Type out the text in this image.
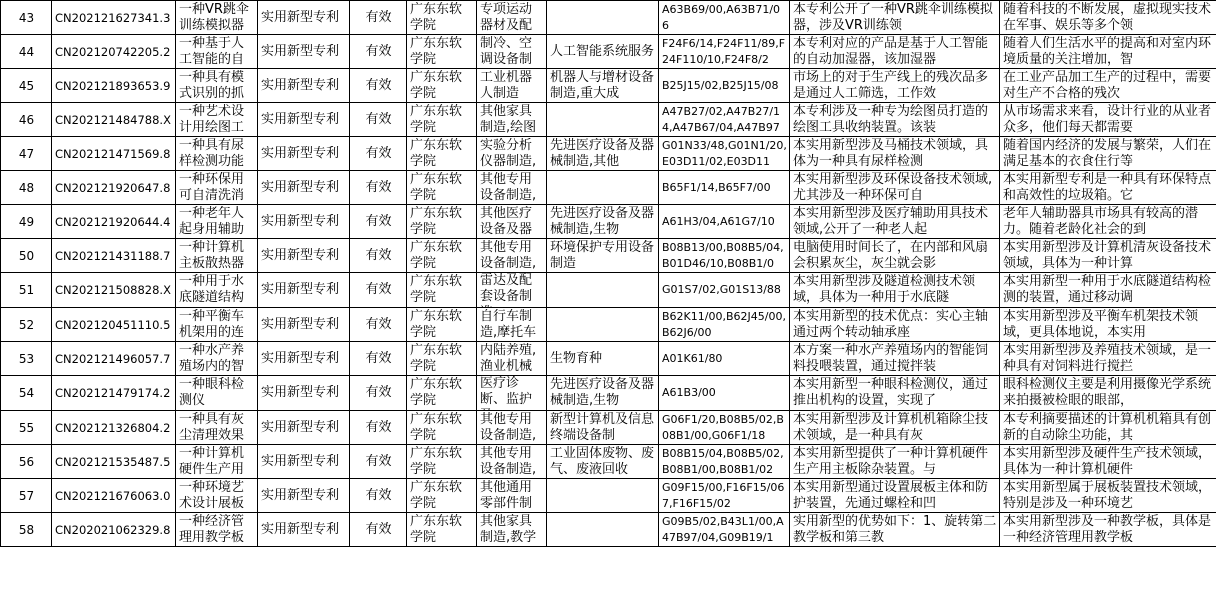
43	CN202121627341.3	一种VR跳伞训练模拟器	实用新型专利	有效	广东东软学院	专项运动器材及配		A63B69/00,A63B71/06	本专利公开了一种VR跳伞训练模拟器，涉及VR训练领	随着科技的不断发展，虚拟现实技术在军事、娱乐等多个领

44	CN202120742205.2	一种基于人工智能的自	实用新型专利	有效	广东东软学院	制冷、空调设备制	人工智能系统服务	F24F6/14,F24F11/89,F24F110/10,F24F8/2	本专利对应的产品是基于人工智能的自动加湿器，该加湿器	随着人们生活水平的提高和对室内环境质量的关注增加，智

45	CN202121893653.9	一种具有模式识别的抓	实用新型专利	有效	广东东软学院	工业机器人制造	机器人与增材设备制造,重大成	B25J15/02,B25J15/08	市场上的对于生产线上的残次品多是通过人工筛选，工作效	在工业产品加工生产的过程中，需要对生产不合格的残次

46	CN202121484788.X	一种艺术设计用绘图工	实用新型专利	有效	广东东软学院	其他家具制造,绘图		A47B27/02,A47B27/14,A47B67/04,A47B97	本专利涉及一种专为绘图员打造的绘图工具收纳装置。该装	从市场需求来看，设计行业的从业者众多，他们每天都需要

47	CN202121471569.8	一种具有尿样检测功能	实用新型专利	有效	广东东软学院	实验分析仪器制造,	先进医疗设备及器械制造,其他	G01N33/48,G01N1/20,E03D11/02,E03D11	本实用新型涉及马桶技术领域，具体为一种具有尿样检测	随着国内经济的发展与繁荣，人们在满足基本的衣食住行等

48	CN202121920647.8	一种环保用可自清洗消	实用新型专利	有效	广东东软学院	其他专用设备制造,		B65F1/14,B65F7/00	本实用新型涉及环保设备技术领域,尤其涉及一种环保可自	本实用新型专利是一种具有环保特点和高效性的垃圾箱。它

49	CN202121920644.4	一种老年人起身用辅助	实用新型专利	有效	广东东软学院	其他医疗设备及器	先进医疗设备及器械制造,生物	A61H3/04,A61G7/10	本实用新型涉及医疗辅助用具技术领域,公开了一种老人起	老年人辅助器具市场具有较高的潜力。随着老龄化社会的到

50	CN202121431188.7	一种计算机主板散热器	实用新型专利	有效	广东东软学院	其他专用设备制造,	环境保护专用设备制造	B08B13/00,B08B5/04,B01D46/10,B08B1/0	电脑使用时间长了，在内部和风扇会积累灰尘，灰尘就会影	本实用新型涉及计算机清灰设备技术领域，具体为一种计算

51	CN202121508828.X	一种用于水底隧道结构	实用新型专利	有效	广东东软学院	雷达及配套设备制		G01S7/02,G01S13/88	本实用新型涉及隧道检测技术领域，具体为一种用于水底隧	本实用新型一种用于水底隧道结构检测的装置，通过移动调

52	CN202120451110.5	一种平衡车机架用的连	实用新型专利	有效	广东东软学院	自行车制造,摩托车		B62K11/00,B62J45/00,B62J6/00	本实用新型的技术优点：实心主轴通过两个转动轴承座	本实用新型涉及平衡车机架技术领域，更具体地说，本实用

53	CN202121496057.7	一种水产养殖场内的智	实用新型专利	有效	广东东软学院	内陆养殖,渔业机械	生物育种	A01K61/80	本方案一种水产养殖场内的智能饲料投喂装置，通过搅拌装	本实用新型涉及养殖技术领域，是一种具有对饲料进行搅拦

54	CN202121479174.2	一种眼科检测仪	实用新型专利	有效	广东东软学院	医疗诊断、监护	先进医疗设备及器械制造,生物	A61B3/00	本实用新型一种眼科检测仪，通过推出机构的设置，实现了	眼科检测仪主要是利用摄像光学系统来拍摄被检眼的眼部，

55	CN202121326804.2	一种具有灰尘清理效果	实用新型专利	有效	广东东软学院	其他专用设备制造,	新型计算机及信息终端设备制	G06F1/20,B08B5/02,B08B1/00,G06F1/18	本实用新型涉及计算机机箱除尘技术领域，是一种具有灰	本专利摘要描述的计算机机箱具有创新的自动除尘功能，其

56	CN202121535487.5	一种计算机硬件生产用	实用新型专利	有效	广东东软学院	其他专用设备制造,	工业固体废物、废气、废液回收	B08B15/04,B08B5/02,B08B1/00,B08B1/02	本实用新型提供了一种计算机硬件生产用主板除杂装置。与	本实用新型涉及硬件生产技术领域，具体为一种计算机硬件

57	CN202121676063.0	一种环境艺术设计展板	实用新型专利	有效	广东东软学院	其他通用零部件制		G09F15/00,F16F15/067,F16F15/02	本实用新型通过设置展板主体和防护装置，先通过螺栓和凹	本实用新型属于展板装置技术领域，特别是涉及一种环境艺

58	CN202021062329.8	一种经济管理用教学板	实用新型专利	有效	广东东软学院	其他家具制造,教学		G09B5/02,B43L1/00,A47B97/04,G09B19/1	实用新型的优势如下：1、旋转第二教学板和第三教	本实用新型涉及一种教学板，具体是一种经济管理用教学板
